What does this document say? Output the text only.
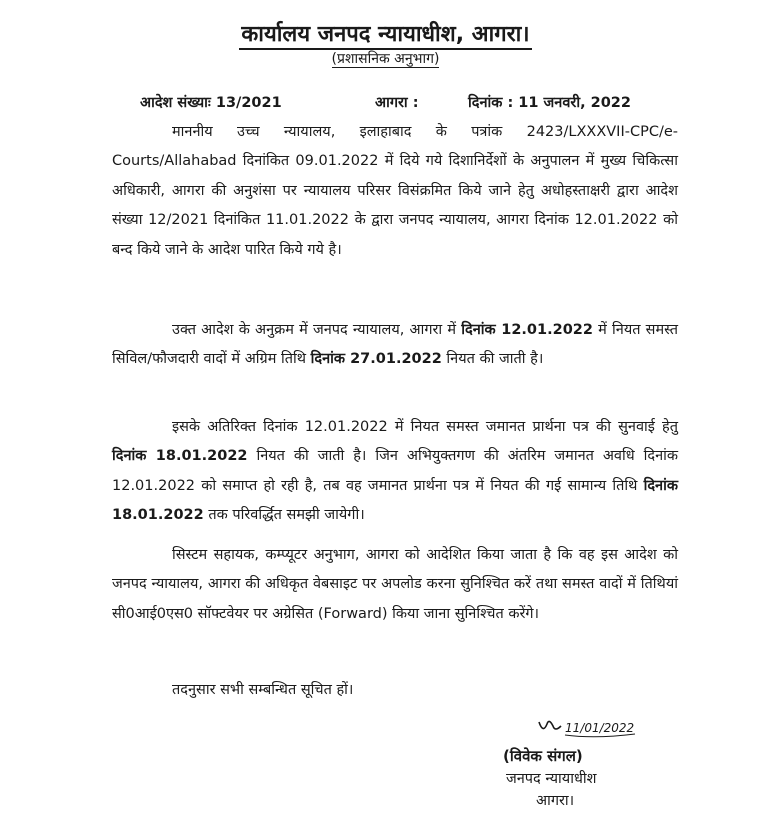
कार्यालय जनपद न्यायाधीश, आगरा।
(प्रशासनिक अनुभाग)
आदेश संख्याः 13/2021	आगरा :	दिनांक : 11 जनवरी, 2022
माननीय उच्च न्यायालय, इलाहाबाद के पत्रांक 2423/LXXXVII-CPC/e-Courts/Allahabad दिनांकित 09.01.2022 में दिये गये दिशानिर्देशों के अनुपालन में मुख्य चिकित्सा अधिकारी, आगरा की अनुशंसा पर न्यायालय परिसर विसंक्रमित किये जाने हेतु अधोहस्ताक्षरी द्वारा आदेश संख्या 12/2021 दिनांकित 11.01.2022 के द्वारा जनपद न्यायालय, आगरा दिनांक 12.01.2022 को बन्द किये जाने के आदेश पारित किये गये है।
उक्त आदेश के अनुक्रम में जनपद न्यायालय, आगरा में दिनांक 12.01.2022 में नियत समस्त सिविल/फौजदारी वादों में अग्रिम तिथि दिनांक 27.01.2022 नियत की जाती है।
इसके अतिरिक्त दिनांक 12.01.2022 में नियत समस्त जमानत प्रार्थना पत्र की सुनवाई हेतु दिनांक 18.01.2022 नियत की जाती है। जिन अभियुक्तगण की अंतरिम जमानत अवधि दिनांक 12.01.2022 को समाप्त हो रही है, तब वह जमानत प्रार्थना पत्र में नियत की गई सामान्य तिथि दिनांक 18.01.2022 तक परिवर्द्धित समझी जायेगी।
सिस्टम सहायक, कम्प्यूटर अनुभाग, आगरा को आदेशित किया जाता है कि वह इस आदेश को जनपद न्यायालय, आगरा की अधिकृत वेबसाइट पर अपलोड करना सुनिश्चित करें तथा समस्त वादों में तिथियां सी0आई0एस0 सॉफ्टवेयर पर अग्रेसित (Forward) किया जाना सुनिश्चित करेंगे।
तदनुसार सभी सम्बन्धित सूचित हों।
11/01/2022
(विवेक संगल)
जनपद न्यायाधीश
आगरा।
